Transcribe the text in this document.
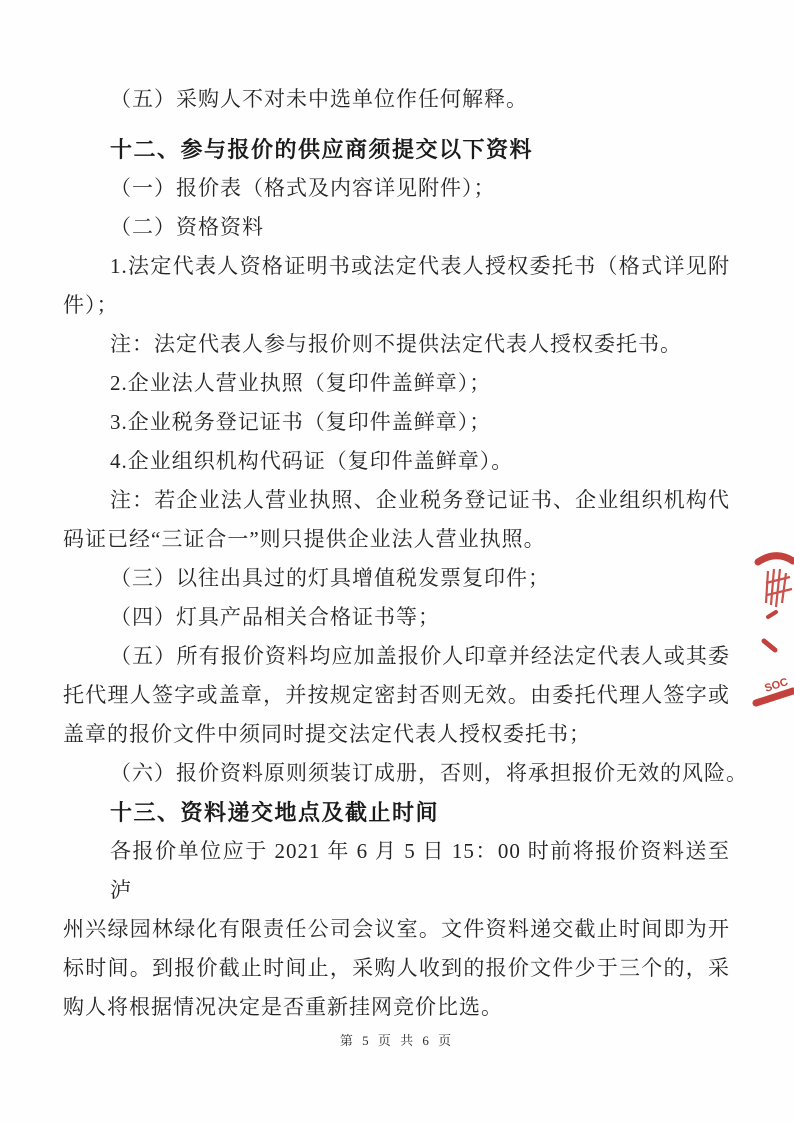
（五）采购人不对未中选单位作任何解释。
十二、参与报价的供应商须提交以下资料
（一）报价表（格式及内容详见附件）；
（二）资格资料
1.法定代表人资格证明书或法定代表人授权委托书（格式详见附
件）；
注：法定代表人参与报价则不提供法定代表人授权委托书。
2.企业法人营业执照（复印件盖鲜章）；
3.企业税务登记证书（复印件盖鲜章）；
4.企业组织机构代码证（复印件盖鲜章）。
注：若企业法人营业执照、企业税务登记证书、企业组织机构代
码证已经“三证合一”则只提供企业法人营业执照。
（三）以往出具过的灯具增值税发票复印件；
（四）灯具产品相关合格证书等；
（五）所有报价资料均应加盖报价人印章并经法定代表人或其委
托代理人签字或盖章，并按规定密封否则无效。由委托代理人签字或
盖章的报价文件中须同时提交法定代表人授权委托书；
（六）报价资料原则须装订成册，否则，将承担报价无效的风险。
十三、资料递交地点及截止时间
各报价单位应于 2021 年 6 月 5 日 15：00 时前将报价资料送至泸
州兴绿园林绿化有限责任公司会议室。文件资料递交截止时间即为开
标时间。到报价截止时间止，采购人收到的报价文件少于三个的，采
购人将根据情况决定是否重新挂网竞价比选。
SOC
第 5 页 共 6 页
